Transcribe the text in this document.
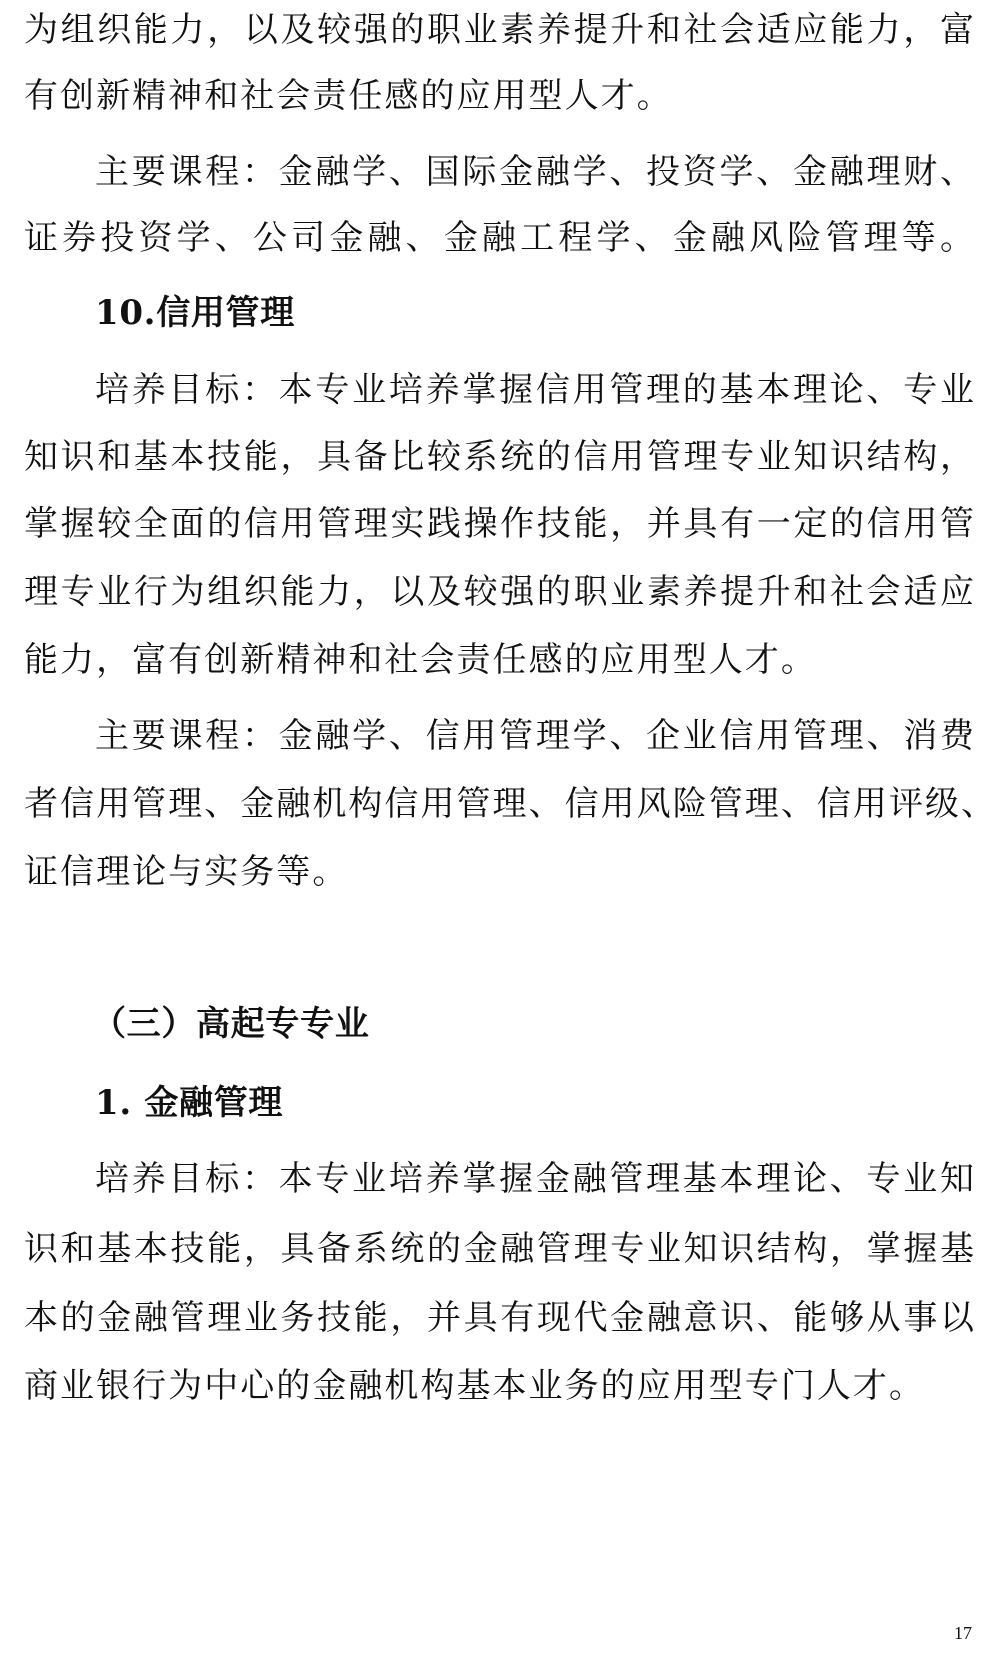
为组织能力，以及较强的职业素养提升和社会适应能力，富
有创新精神和社会责任感的应用型人才。
主要课程：金融学、国际金融学、投资学、金融理财、
证券投资学、公司金融、金融工程学、金融风险管理等。
10.信用管理
培养目标：本专业培养掌握信用管理的基本理论、专业
知识和基本技能，具备比较系统的信用管理专业知识结构，
掌握较全面的信用管理实践操作技能，并具有一定的信用管
理专业行为组织能力，以及较强的职业素养提升和社会适应
能力，富有创新精神和社会责任感的应用型人才。
主要课程：金融学、信用管理学、企业信用管理、消费
者信用管理、金融机构信用管理、信用风险管理、信用评级、
证信理论与实务等。
（三）高起专专业
1. 金融管理
培养目标：本专业培养掌握金融管理基本理论、专业知
识和基本技能，具备系统的金融管理专业知识结构，掌握基
本的金融管理业务技能，并具有现代金融意识、能够从事以
商业银行为中心的金融机构基本业务的应用型专门人才。
17
